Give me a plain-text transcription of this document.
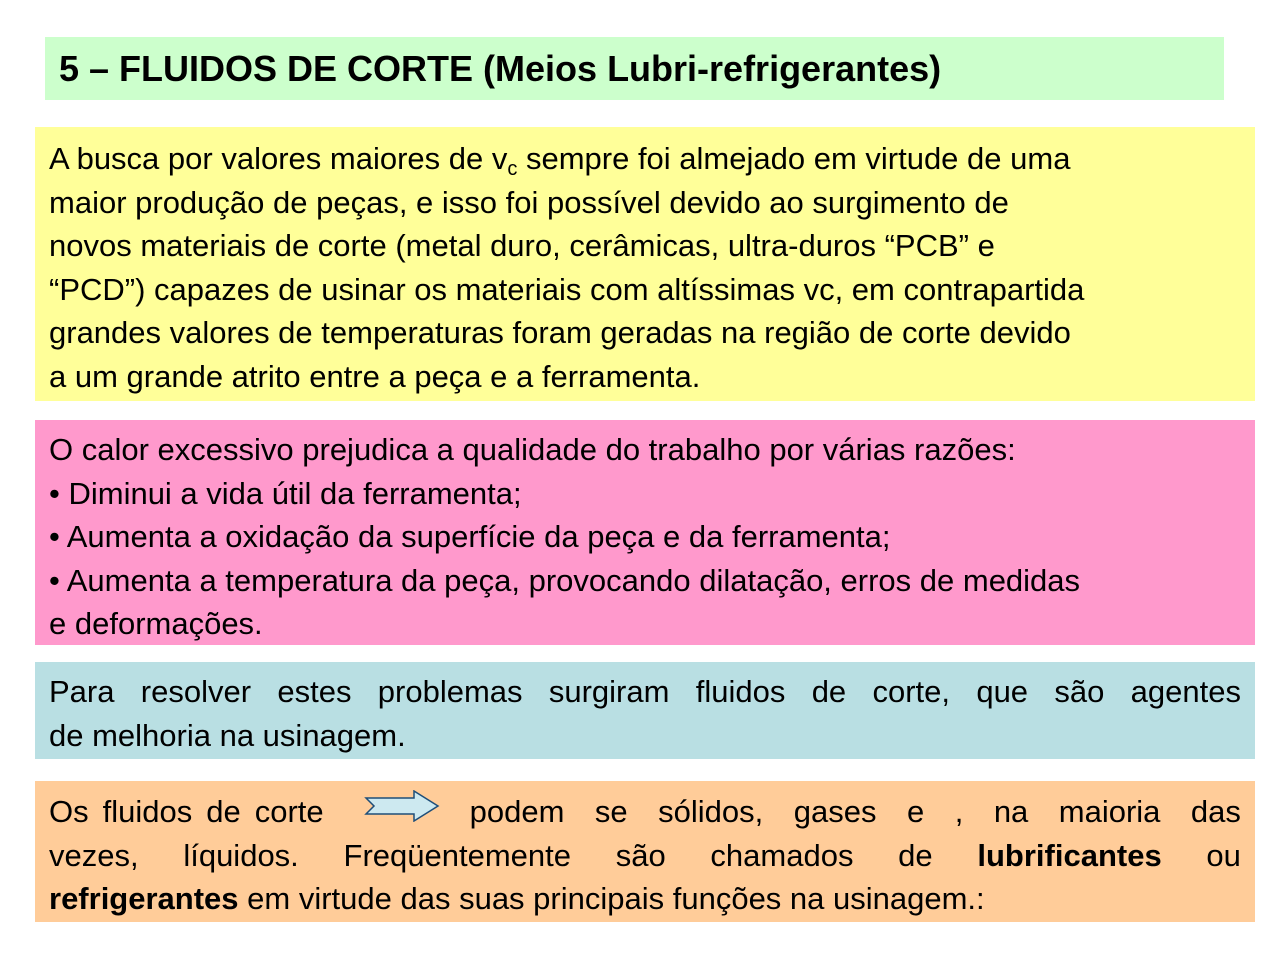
5 – FLUIDOS DE CORTE (Meios Lubri-refrigerantes)
A busca por valores maiores de $v_c$ sempre foi almejado em virtude de uma
maior produção de peças, e isso foi possível devido ao surgimento de
novos materiais de corte (metal duro, cerâmicas, ultra-duros “PCB” e
“PCD”) capazes de usinar os materiais com altíssimas vc, em contrapartida
grandes valores de temperaturas foram geradas na região de corte devido
a um grande atrito entre a peça e a ferramenta.
O calor excessivo prejudica a qualidade do trabalho por várias razões:
• Diminui a vida útil da ferramenta;
• Aumenta a oxidação da superfície da peça e da ferramenta;
• Aumenta a temperatura da peça, provocando dilatação, erros de medidas
e deformações.
Para resolver estes problemas surgiram fluidos de corte, que são agentes
de melhoria na usinagem.
Os fluidos de corte	podem se sólidos, gases e , na maioria das
vezes, líquidos. Freqüentemente são chamados de lubrificantes ou
refrigerantes em virtude das suas principais funções na usinagem.:
